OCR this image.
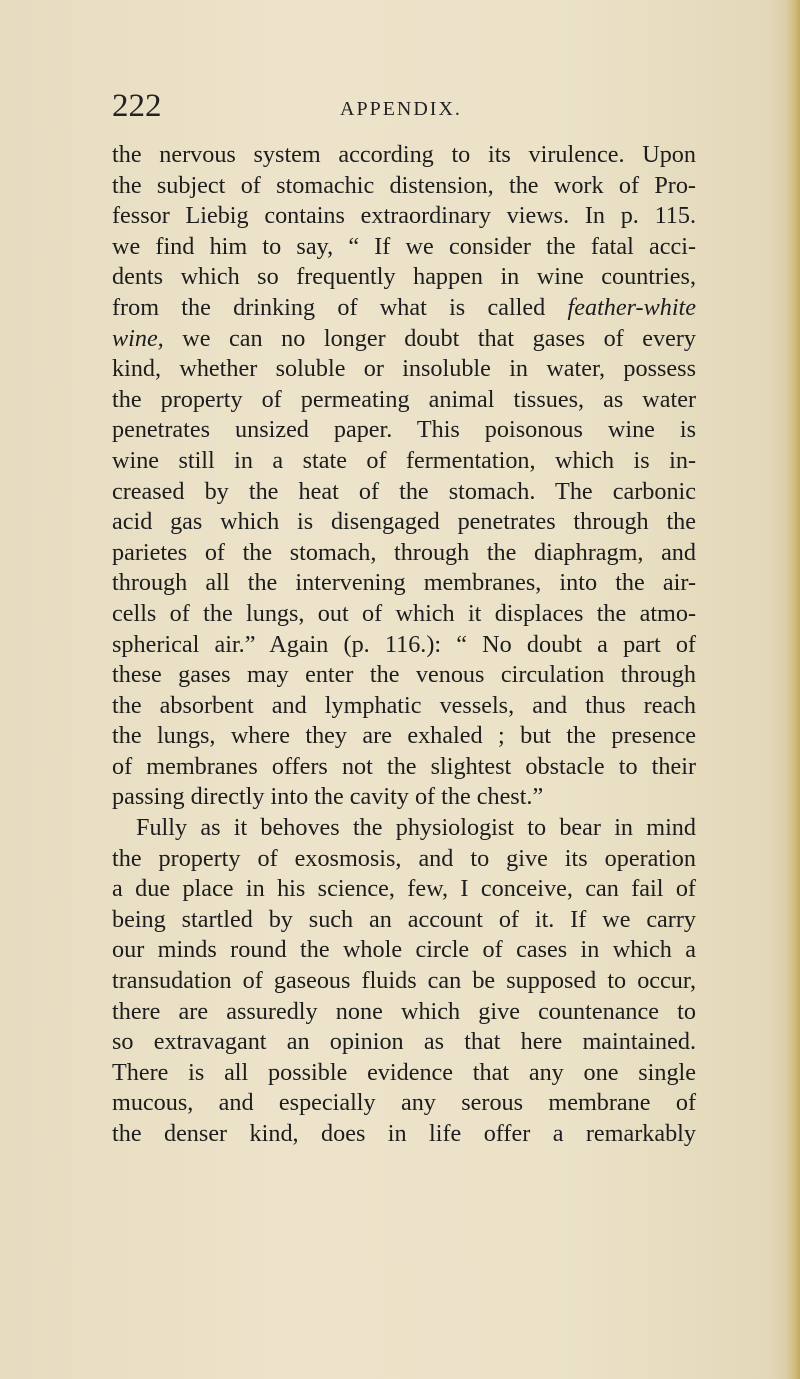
222	APPENDIX.
the nervous system according to its virulence. Upon
the subject of stomachic distension, the work of Pro-
fessor Liebig contains extraordinary views. In p. 115.
we find him to say, “ If we consider the fatal acci-
dents which so frequently happen in wine countries,
from the drinking of what is called feather-white
wine, we can no longer doubt that gases of every
kind, whether soluble or insoluble in water, possess
the property of permeating animal tissues, as water
penetrates unsized paper. This poisonous wine is
wine still in a state of fermentation, which is in-
creased by the heat of the stomach. The carbonic
acid gas which is disengaged penetrates through the
parietes of the stomach, through the diaphragm, and
through all the intervening membranes, into the air-
cells of the lungs, out of which it displaces the atmo-
spherical air.” Again (p. 116.): “ No doubt a part of
these gases may enter the venous circulation through
the absorbent and lymphatic vessels, and thus reach
the lungs, where they are exhaled ; but the presence
of membranes offers not the slightest obstacle to their
passing directly into the cavity of the chest.”
Fully as it behoves the physiologist to bear in mind
the property of exosmosis, and to give its operation
a due place in his science, few, I conceive, can fail of
being startled by such an account of it. If we carry
our minds round the whole circle of cases in which a
transudation of gaseous fluids can be supposed to occur,
there are assuredly none which give countenance to
so extravagant an opinion as that here maintained.
There is all possible evidence that any one single
mucous, and especially any serous membrane of
the denser kind, does in life offer a remarkably
